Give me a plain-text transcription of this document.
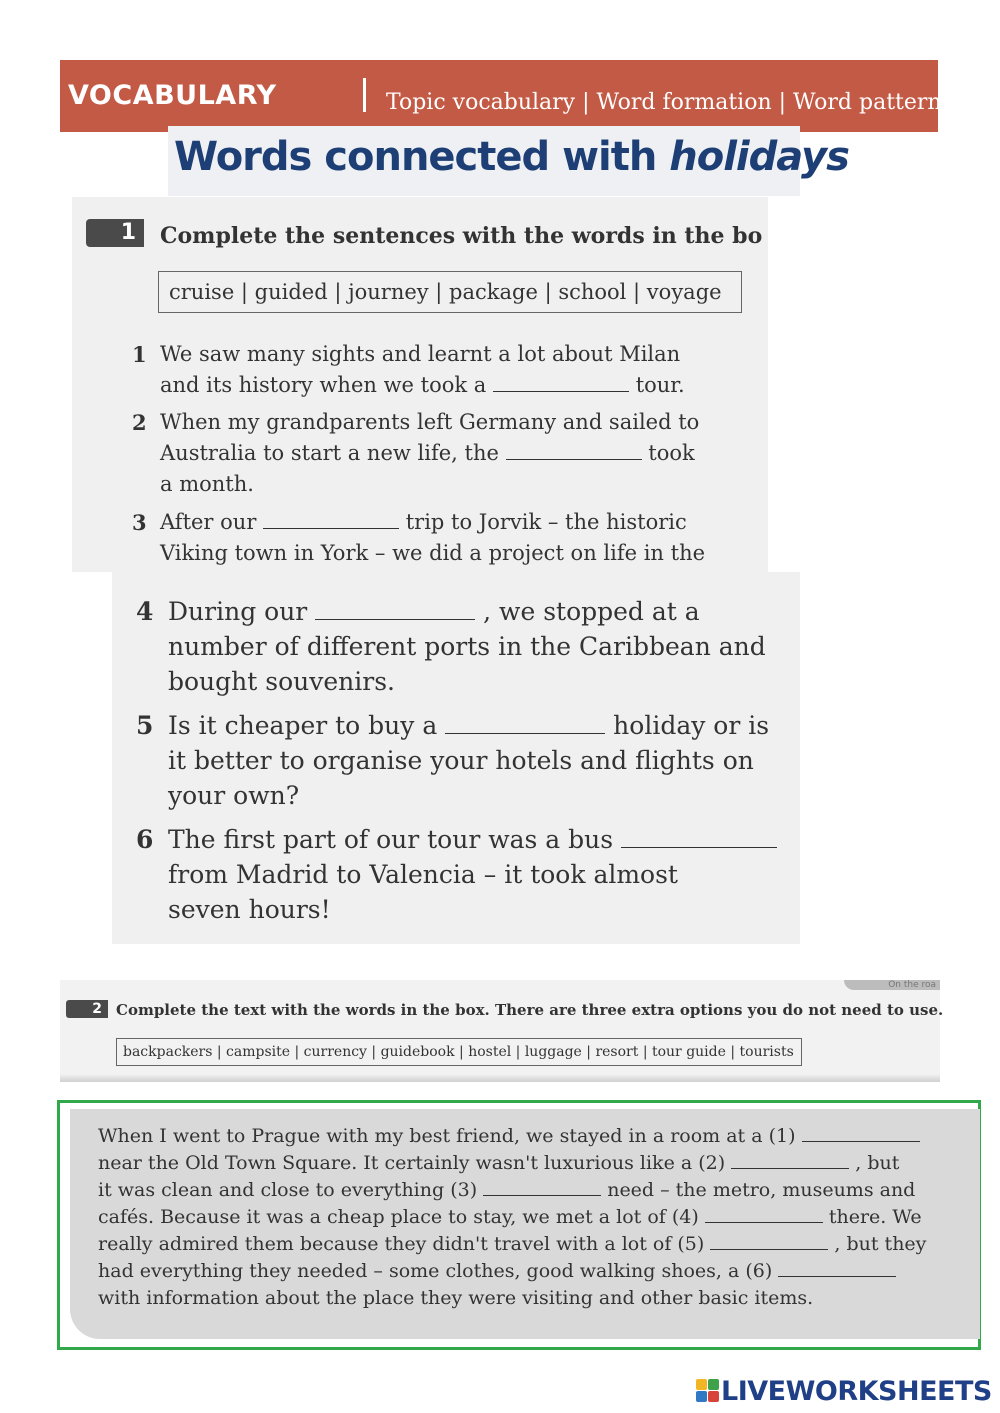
VOCABULARY	Topic vocabulary | Word formation | Word patterns
Words connected with holidays
1	Complete the sentences with the words in the bo
cruise | guided | journey | package | school | voyage
1 We saw many sights and learnt a lot about Milan
and its history when we took a	tour.
2 When my grandparents left Germany and sailed to
Australia to start a new life, the	took
a month.
3 After our	trip to Jorvik – the historic
Viking town in York – we did a project on life in the
4 During our	, we stopped at a
number of different ports in the Caribbean and
bought souvenirs.
5 Is it cheaper to buy a	holiday or is
it better to organise your hotels and flights on
your own?
6 The first part of our tour was a bus
from Madrid to Valencia – it took almost
seven hours!
On the roa
2 Complete the text with the words in the box. There are three extra options you do not need to use.
backpackers | campsite | currency | guidebook | hostel | luggage | resort | tour guide | tourists
When I went to Prague with my best friend, we stayed in a room at a (1)
near the Old Town Square. It certainly wasn't luxurious like a (2)	, but
it was clean and close to everything (3)	need – the metro, museums and
cafés. Because it was a cheap place to stay, we met a lot of (4)	there. We
really admired them because they didn't travel with a lot of (5)	, but they
had everything they needed – some clothes, good walking shoes, a (6)
with information about the place they were visiting and other basic items.
LIVEWORKSHEETS
